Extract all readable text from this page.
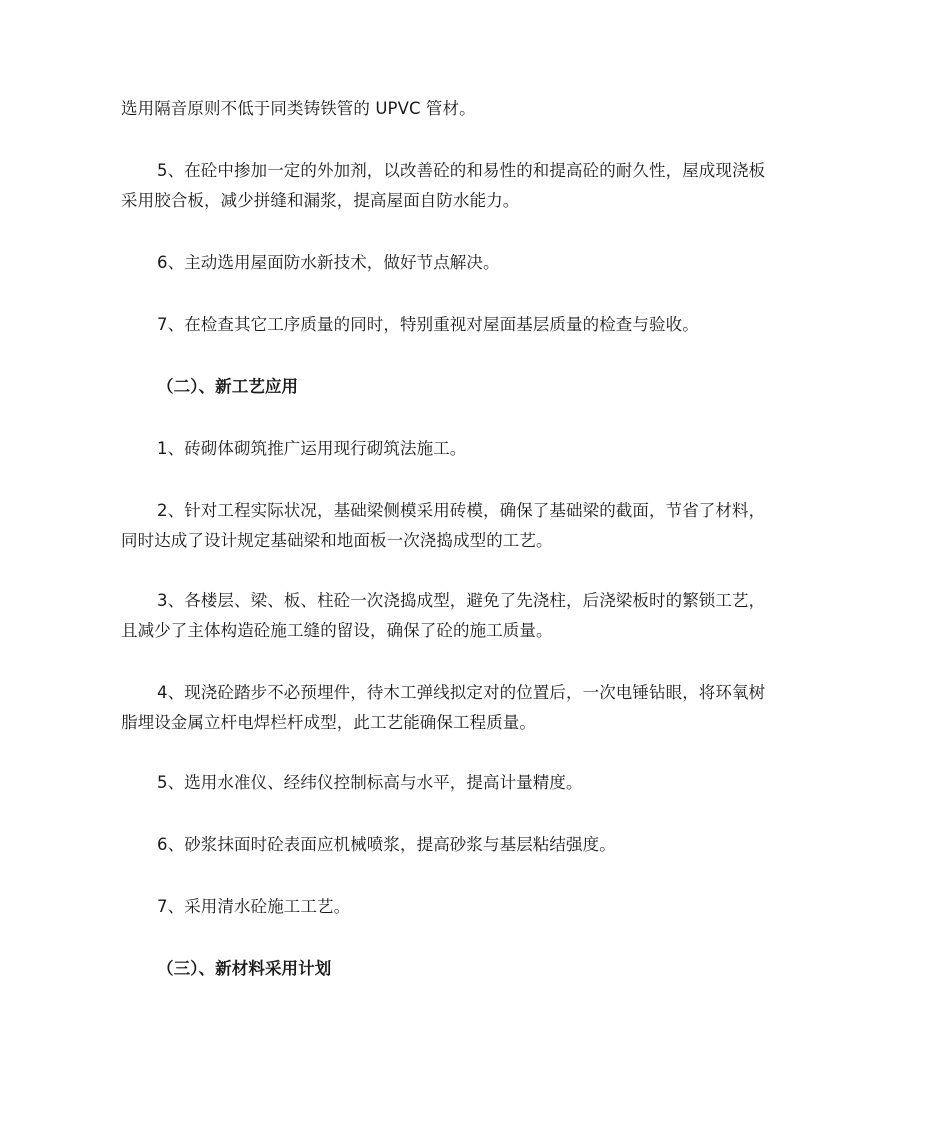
选用隔音原则不低于同类铸铁管的 UPVC 管材。
5、在砼中掺加一定的外加剂，以改善砼的和易性的和提高砼的耐久性，屋成现浇板
采用胶合板，减少拼缝和漏浆，提高屋面自防水能力。
6、主动选用屋面防水新技术，做好节点解决。
7、在检查其它工序质量的同时，特别重视对屋面基层质量的检查与验收。
（二）、新工艺应用
1、砖砌体砌筑推广运用现行砌筑法施工。
2、针对工程实际状况，基础梁侧模采用砖模，确保了基础梁的截面，节省了材料，
同时达成了设计规定基础梁和地面板一次浇捣成型的工艺。
3、各楼层、梁、板、柱砼一次浇捣成型，避免了先浇柱，后浇梁板时的繁锁工艺，
且减少了主体构造砼施工缝的留设，确保了砼的施工质量。
4、现浇砼踏步不必预埋件，待木工弹线拟定对的位置后，一次电锤钻眼，将环氧树
脂埋设金属立杆电焊栏杆成型，此工艺能确保工程质量。
5、选用水准仪、经纬仪控制标高与水平，提高计量精度。
6、砂浆抹面时砼表面应机械喷浆，提高砂浆与基层粘结强度。
7、采用清水砼施工工艺。
（三）、新材料采用计划
